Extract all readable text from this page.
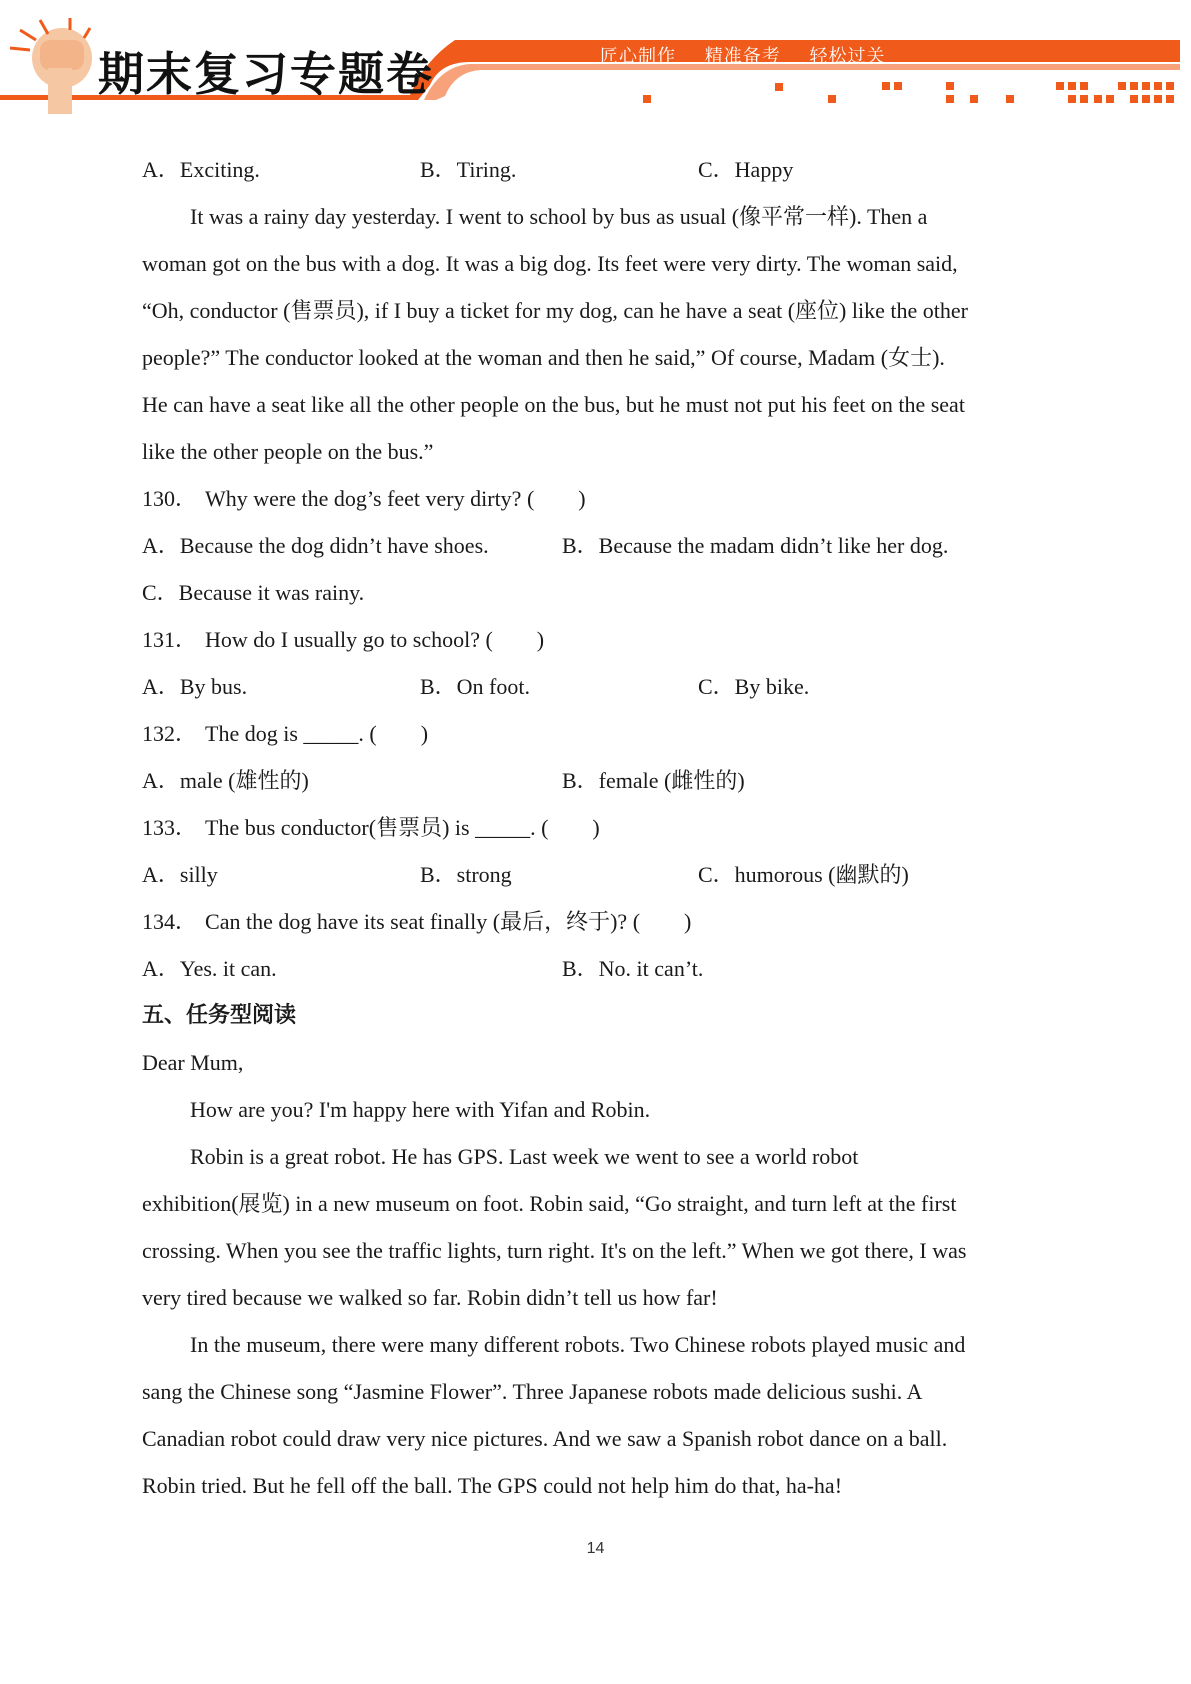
期末复习专题卷	匠心制作 精准备考 轻松过关
A．Exciting.	B．Tiring.	C．Happy
It was a rainy day yesterday. I went to school by bus as usual (像平常一样). Then a
woman got on the bus with a dog. It was a big dog. Its feet were very dirty. The woman said,
“Oh, conductor (售票员), if I buy a ticket for my dog, can he have a seat (座位) like the other
people?” The conductor looked at the woman and then he said,” Of course, Madam (女士).
He can have a seat like all the other people on the bus, but he must not put his feet on the seat
like the other people on the bus.”
130． Why were the dog’s feet very dirty? (　　)
A．Because the dog didn’t have shoes.	B．Because the madam didn’t like her dog.
C．Because it was rainy.
131． How do I usually go to school? (　　)
A．By bus.	B．On foot.	C．By bike.
132． The dog is _____. (　　)
A．male (雄性的)	B．female (雌性的)
133． The bus conductor(售票员) is _____. (　　)
A．silly	B．strong	C．humorous (幽默的)
134． Can the dog have its seat finally (最后，终于)? (　　)
A．Yes. it can.	B．No. it can’t.
五、任务型阅读
Dear Mum,
How are you? I'm happy here with Yifan and Robin.
Robin is a great robot. He has GPS. Last week we went to see a world robot
exhibition(展览) in a new museum on foot. Robin said, “Go straight, and turn left at the first
crossing. When you see the traffic lights, turn right. It's on the left.” When we got there, I was
very tired because we walked so far. Robin didn’t tell us how far!
In the museum, there were many different robots. Two Chinese robots played music and
sang the Chinese song “Jasmine Flower”. Three Japanese robots made delicious sushi. A
Canadian robot could draw very nice pictures. And we saw a Spanish robot dance on a ball.
Robin tried. But he fell off the ball. The GPS could not help him do that, ha-ha!
14
